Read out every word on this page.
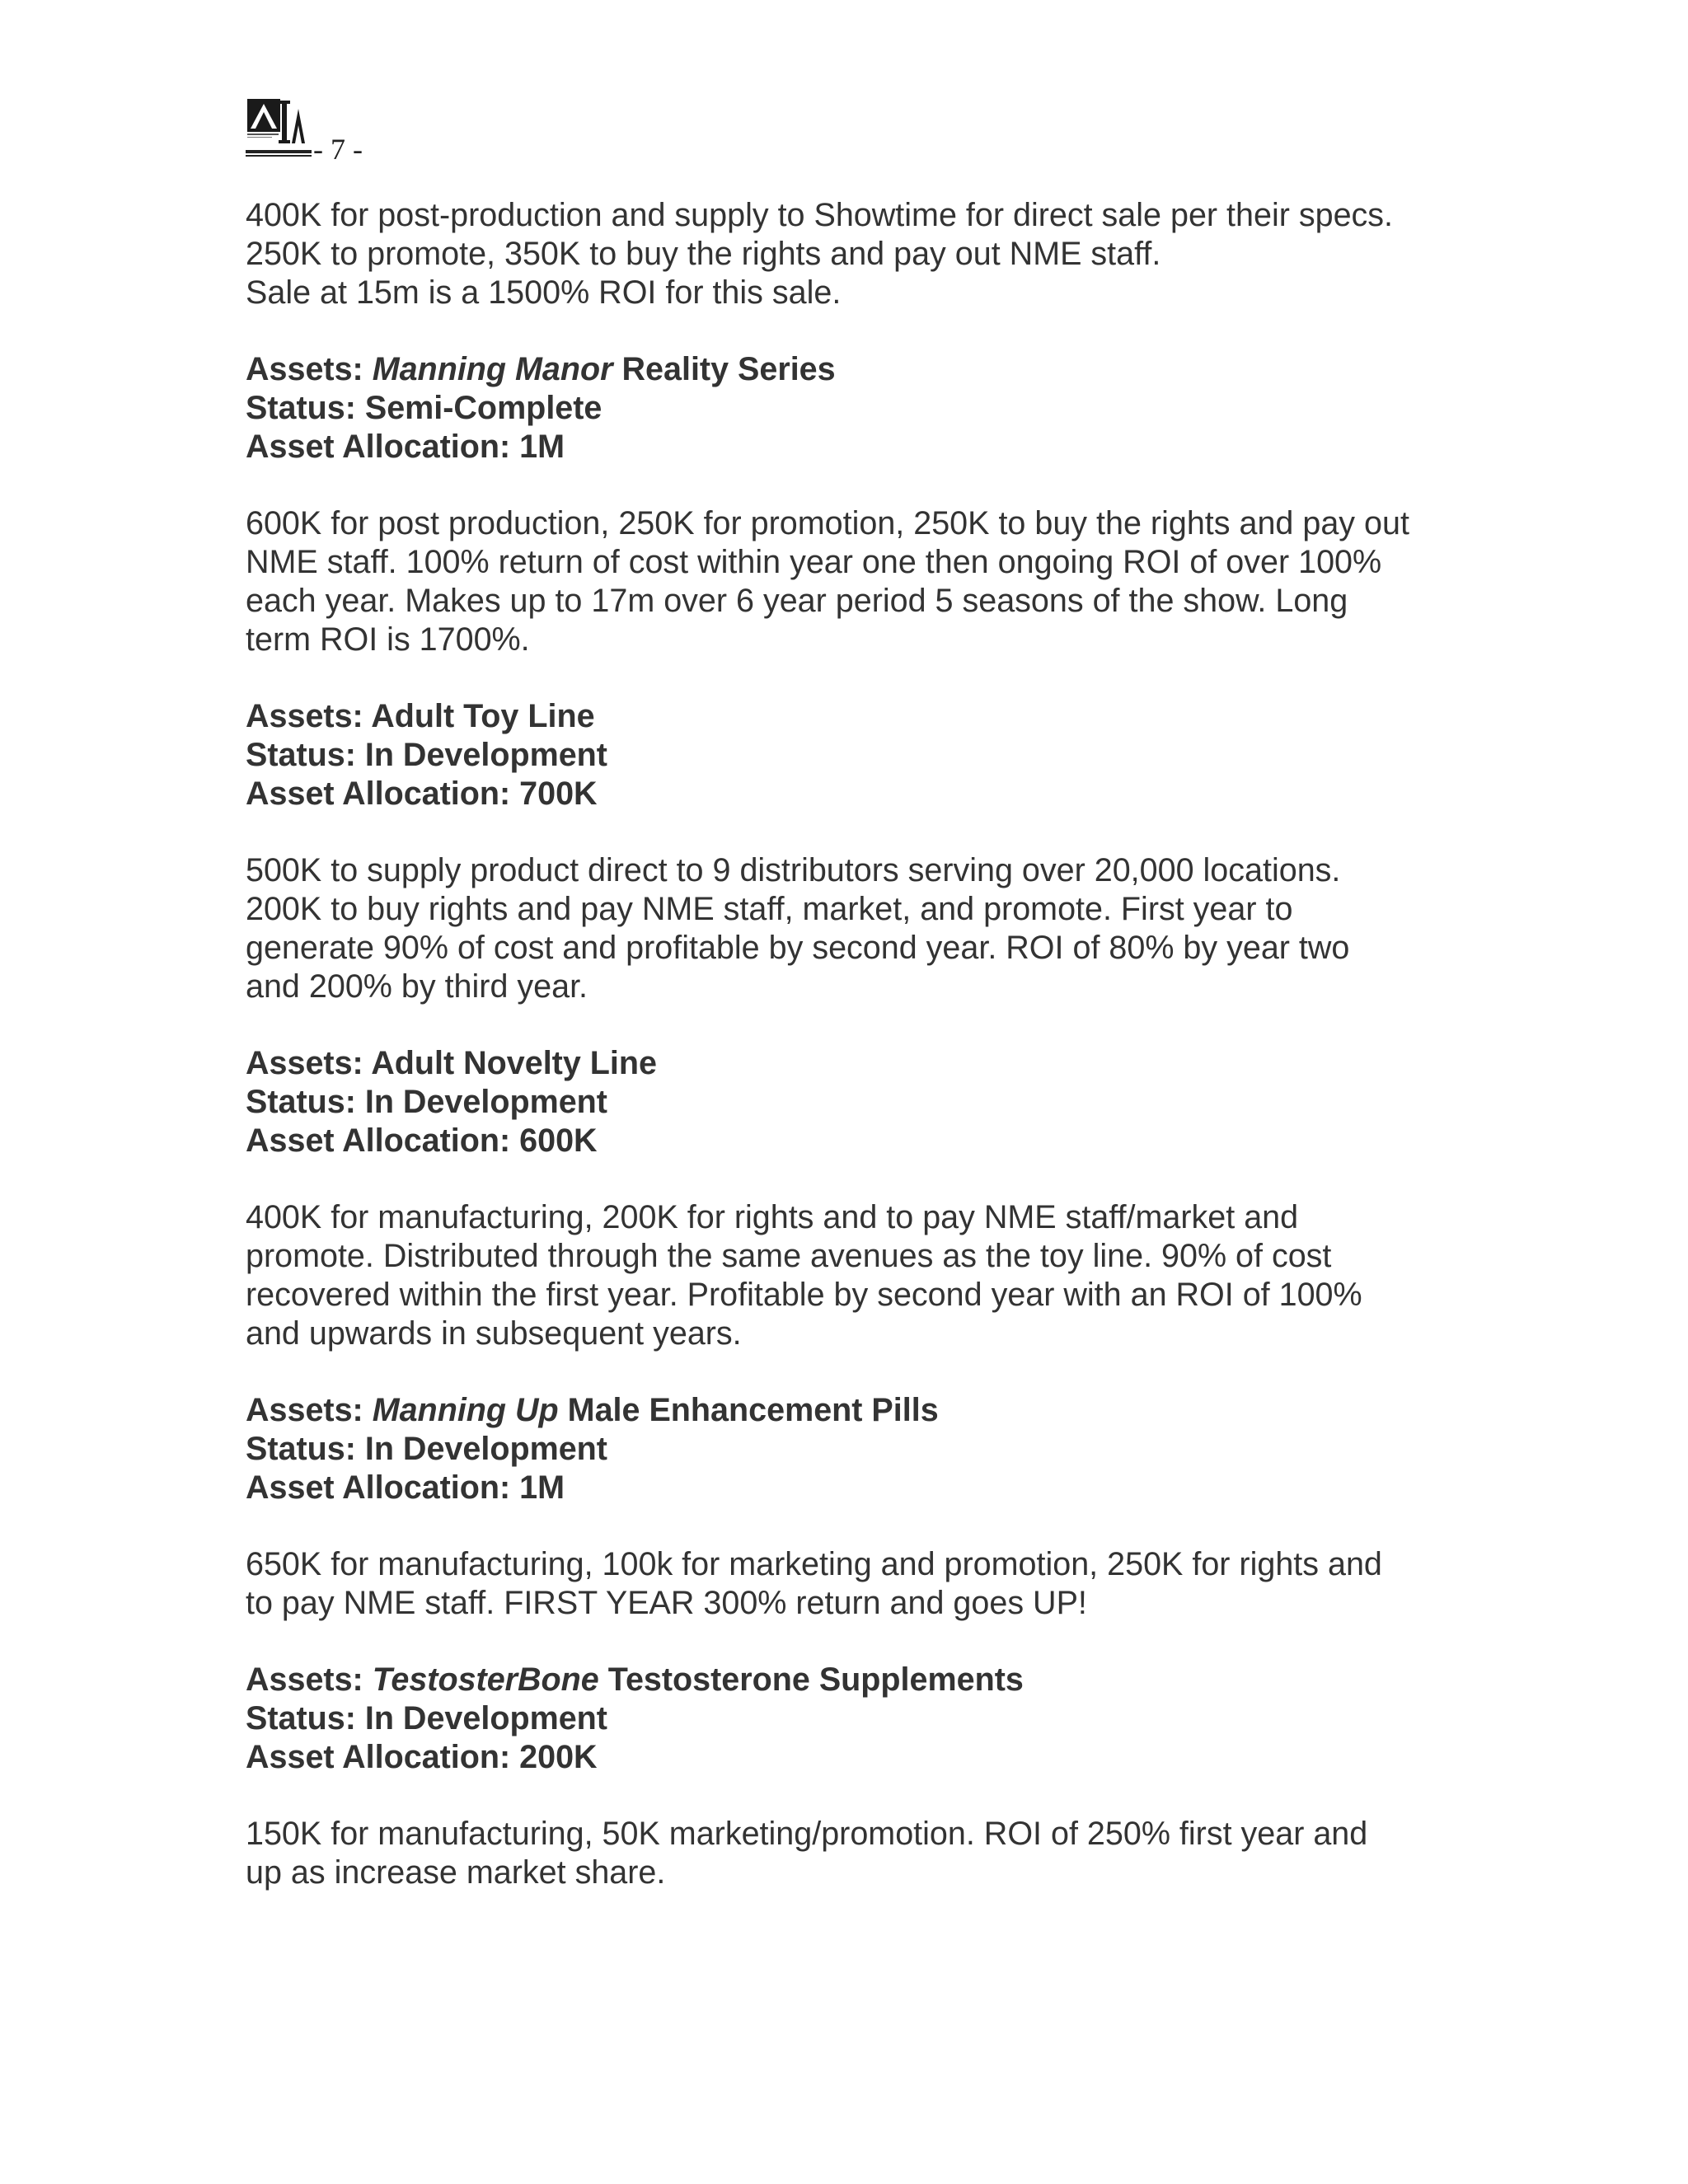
- 7 -
400K for post-production and supply to Showtime for direct sale per their specs.
250K to promote, 350K to buy the rights and pay out NME staff.
Sale at 15m is a 1500% ROI for this sale.
Assets: Manning Manor Reality Series
Status: Semi-Complete
Asset Allocation: 1M
600K for post production, 250K for promotion, 250K to buy the rights and pay out
NME staff. 100% return of cost within year one then ongoing ROI of over 100%
each year. Makes up to 17m over 6 year period 5 seasons of the show. Long
term ROI is 1700%.
Assets: Adult Toy Line
Status: In Development
Asset Allocation: 700K
500K to supply product direct to 9 distributors serving over 20,000 locations.
200K to buy rights and pay NME staff, market, and promote. First year to
generate 90% of cost and profitable by second year. ROI of 80% by year two
and 200% by third year.
Assets: Adult Novelty Line
Status: In Development
Asset Allocation: 600K
400K for manufacturing, 200K for rights and to pay NME staff/market and
promote. Distributed through the same avenues as the toy line. 90% of cost
recovered within the first year. Profitable by second year with an ROI of 100%
and upwards in subsequent years.
Assets: Manning Up Male Enhancement Pills
Status: In Development
Asset Allocation: 1M
650K for manufacturing, 100k for marketing and promotion, 250K for rights and
to pay NME staff. FIRST YEAR 300% return and goes UP!
Assets: TestosterBone Testosterone Supplements
Status: In Development
Asset Allocation: 200K
150K for manufacturing, 50K marketing/promotion. ROI of 250% first year and
up as increase market share.
